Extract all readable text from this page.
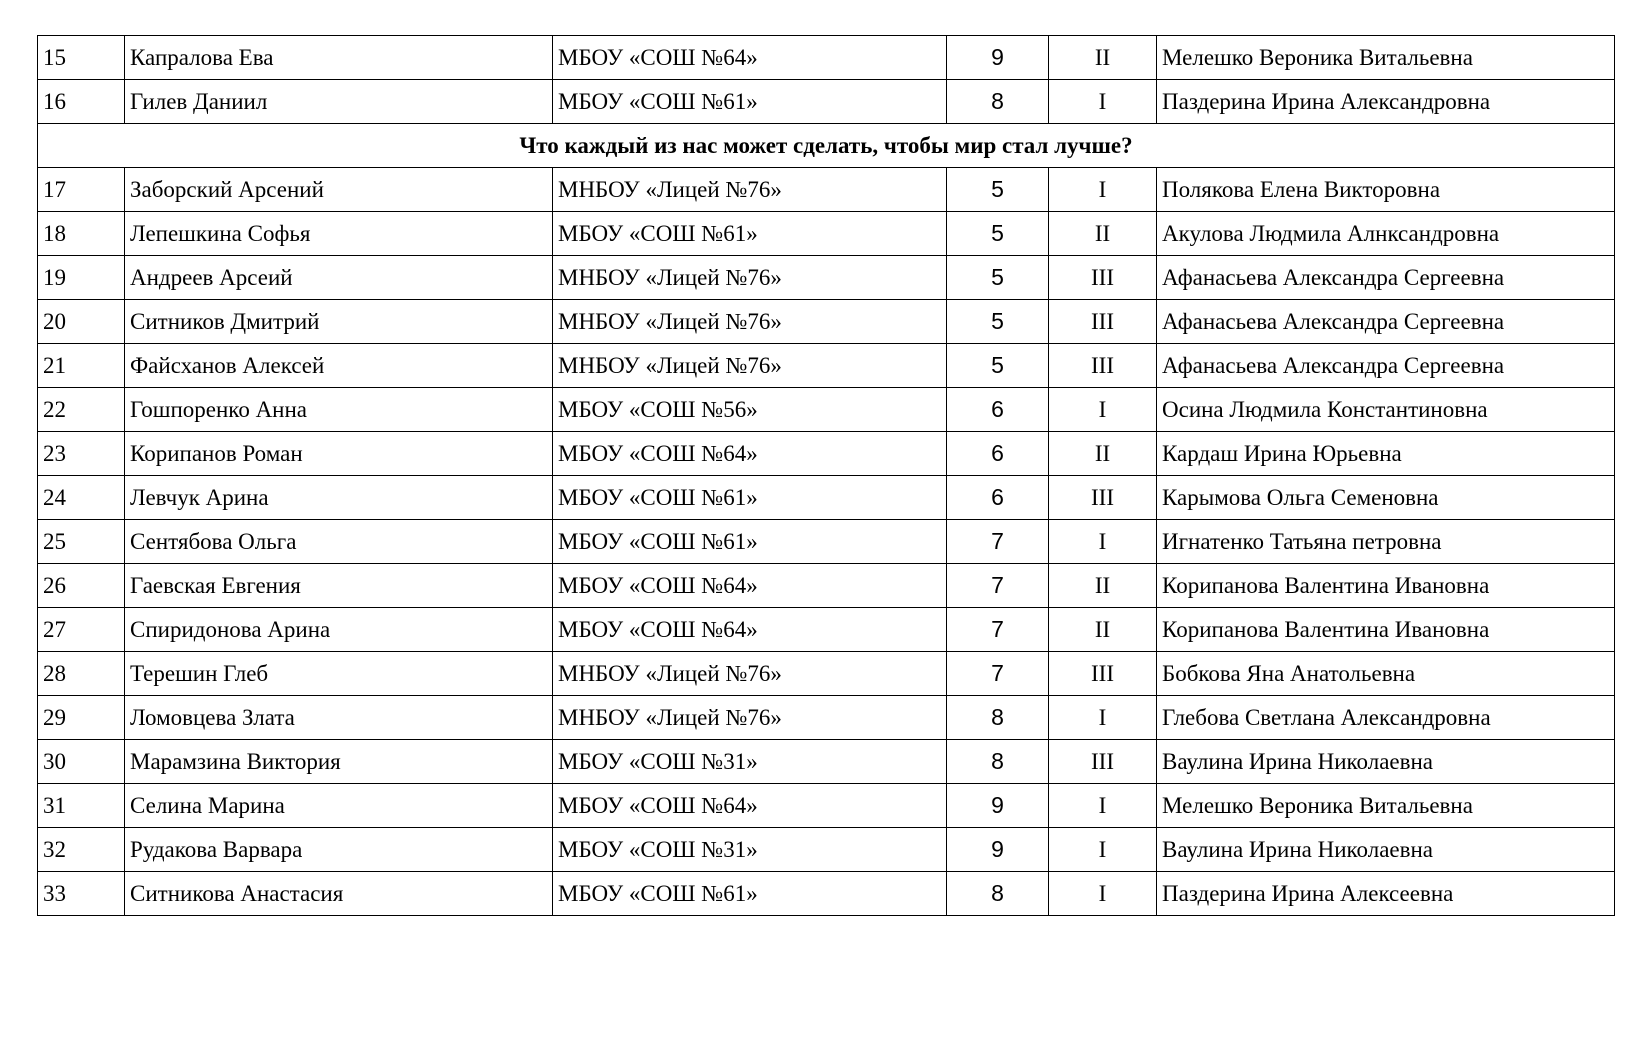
15	Капралова Ева	МБОУ «СОШ №64»	9	II	Мелешко Вероника Витальевна
16	Гилев Даниил	МБОУ «СОШ №61»	8	I	Паздерина Ирина Александровна
Что каждый из нас может сделать, чтобы мир стал лучше?					
17	Заборский Арсений	МНБОУ «Лицей №76»	5	I	Полякова Елена Викторовна
18	Лепешкина Софья	МБОУ «СОШ №61»	5	II	Акулова Людмила Алнксандровна
19	Андреев Арсеий	МНБОУ «Лицей №76»	5	III	Афанасьева Александра Сергеевна
20	Ситников Дмитрий	МНБОУ «Лицей №76»	5	III	Афанасьева Александра Сергеевна
21	Файсханов Алексей	МНБОУ «Лицей №76»	5	III	Афанасьева Александра Сергеевна
22	Гошпоренко Анна	МБОУ «СОШ №56»	6	I	Осина Людмила Константиновна
23	Корипанов Роман	МБОУ «СОШ №64»	6	II	Кардаш Ирина Юрьевна
24	Левчук Арина	МБОУ «СОШ №61»	6	III	Карымова Ольга Семеновна
25	Сентябова Ольга	МБОУ «СОШ №61»	7	I	Игнатенко Татьяна петровна
26	Гаевская Евгения	МБОУ «СОШ №64»	7	II	Корипанова Валентина Ивановна
27	Спиридонова Арина	МБОУ «СОШ №64»	7	II	Корипанова Валентина Ивановна
28	Терешин Глеб	МНБОУ «Лицей №76»	7	III	Бобкова Яна Анатольевна
29	Ломовцева Злата	МНБОУ «Лицей №76»	8	I	Глебова Светлана Александровна
30	Марамзина Виктория	МБОУ «СОШ №31»	8	III	Ваулина Ирина Николаевна
31	Селина Марина	МБОУ «СОШ №64»	9	I	Мелешко Вероника Витальевна
32	Рудакова Варвара	МБОУ «СОШ №31»	9	I	Ваулина Ирина Николаевна
33	Ситникова Анастасия	МБОУ «СОШ №61»	8	I	Паздерина Ирина Алексеевна
